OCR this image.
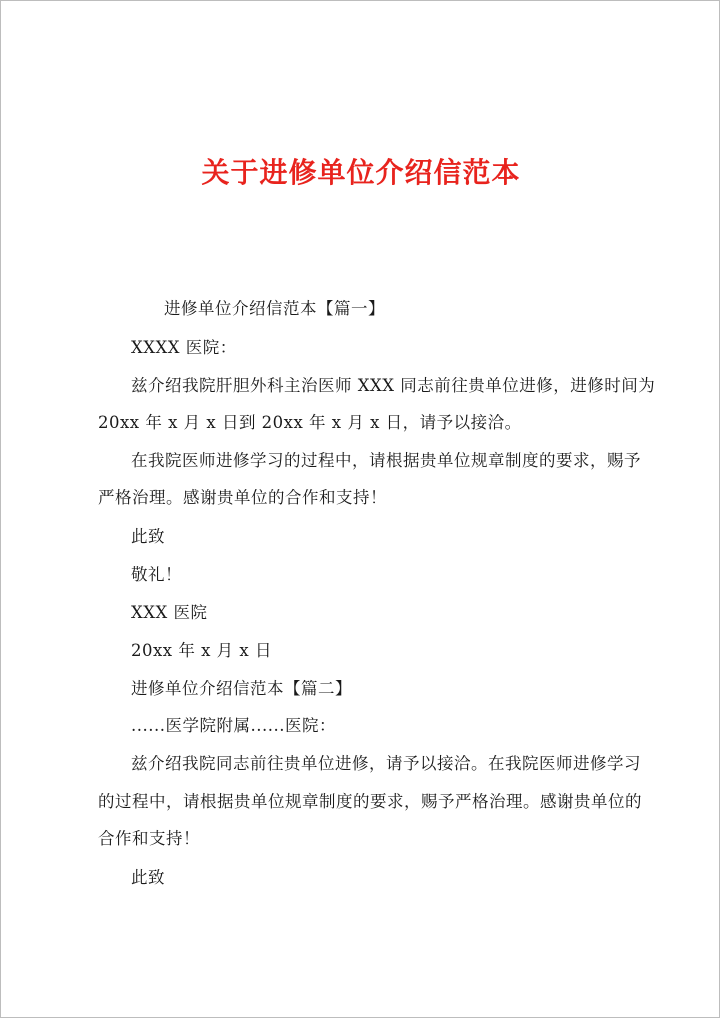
关于进修单位介绍信范本
进修单位介绍信范本【篇一】
XXXX 医院：
兹介绍我院肝胆外科主治医师 XXX 同志前往贵单位进修，进修时间为
20xx 年 x 月 x 日到 20xx 年 x 月 x 日，请予以接洽。
在我院医师进修学习的过程中，请根据贵单位规章制度的要求，赐予
严格治理。感谢贵单位的合作和支持！
此致
敬礼！
XXX 医院
20xx 年 x 月 x 日
进修单位介绍信范本【篇二】
......医学院附属......医院：
兹介绍我院同志前往贵单位进修，请予以接洽。在我院医师进修学习
的过程中，请根据贵单位规章制度的要求，赐予严格治理。感谢贵单位的
合作和支持！
此致
